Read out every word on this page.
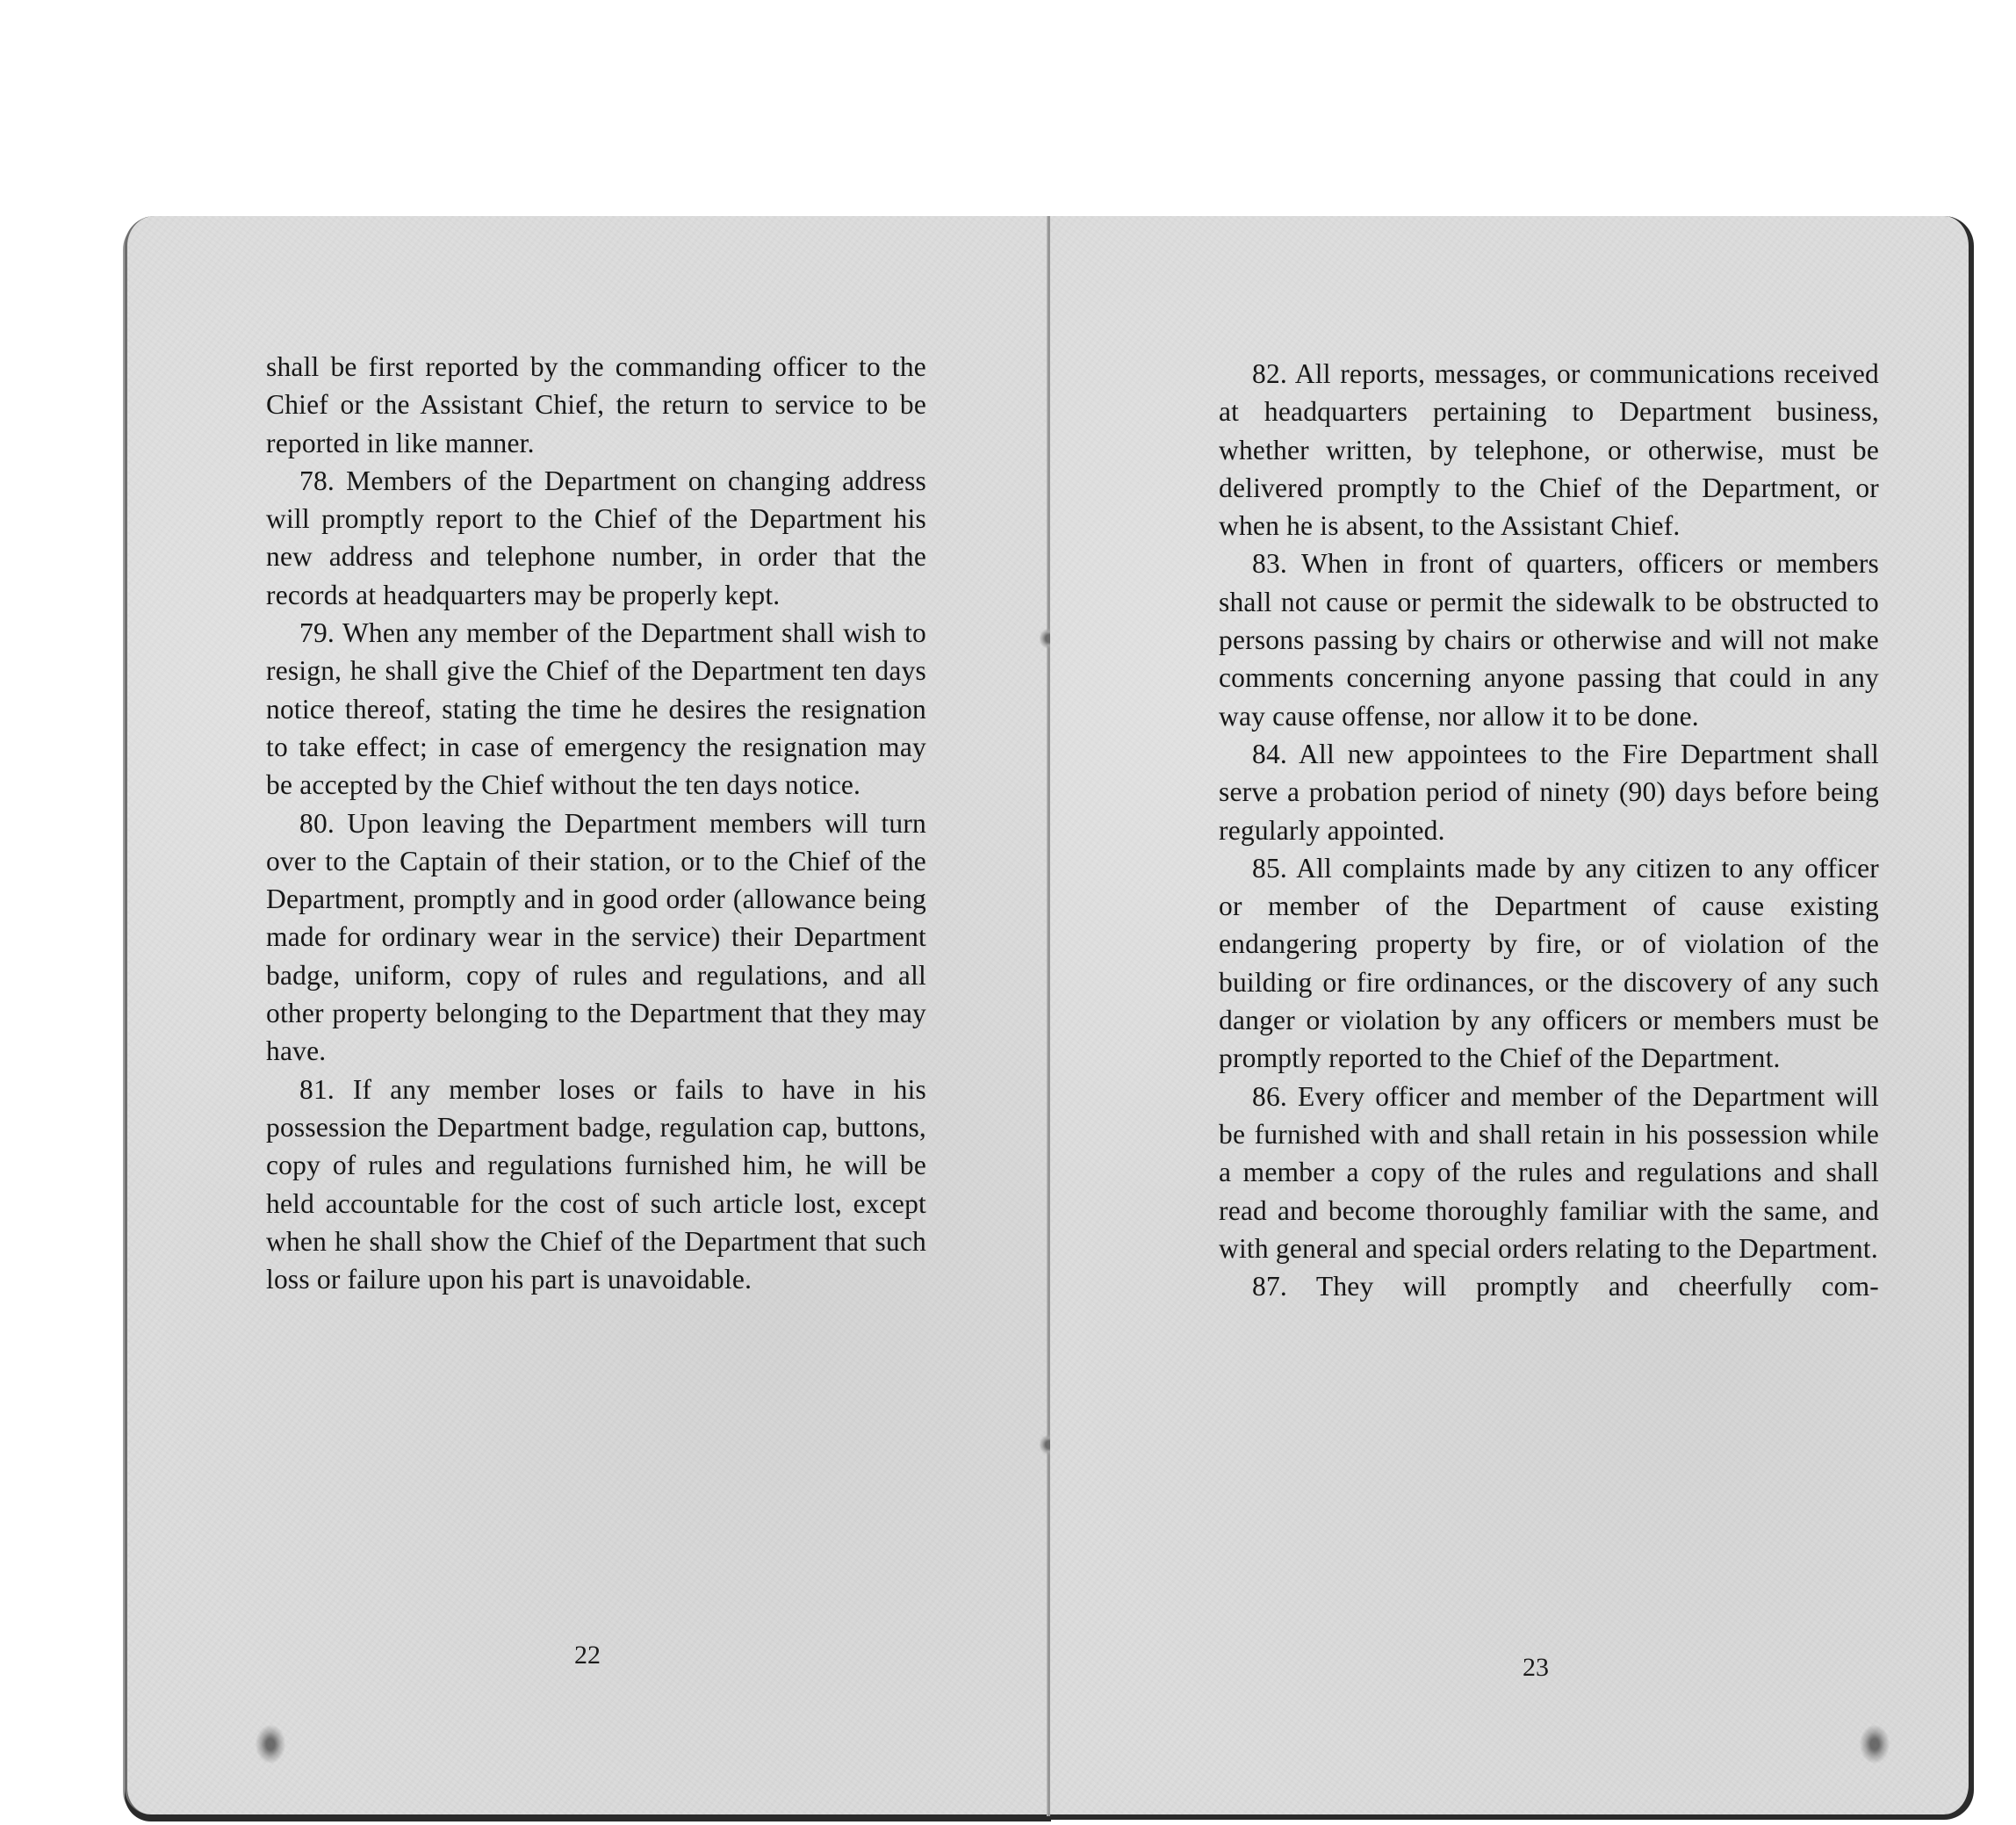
shall be first reported by the commanding officer to the Chief or the Assistant Chief, the return to service to be reported in like manner.

78. Members of the Department on changing address will promptly report to the Chief of the Department his new address and telephone number, in order that the records at headquarters may be properly kept.

79. When any member of the Department shall wish to resign, he shall give the Chief of the Department ten days notice thereof, stating the time he desires the resignation to take effect; in case of emergency the resignation may be accepted by the Chief without the ten days notice.

80. Upon leaving the Department members will turn over to the Captain of their station, or to the Chief of the Department, promptly and in good order (allowance being made for ordinary wear in the service) their Department badge, uniform, copy of rules and regulations, and all other property belonging to the Department that they may have.

81. If any member loses or fails to have in his possession the Department badge, regulation cap, buttons, copy of rules and regulations furnished him, he will be held accountable for the cost of such article lost, except when he shall show the Chief of the Department that such loss or failure upon his part is unavoidable.

22

82. All reports, messages, or communications received at headquarters pertaining to Department business, whether written, by telephone, or otherwise, must be delivered promptly to the Chief of the Department, or when he is absent, to the Assistant Chief.

83. When in front of quarters, officers or members shall not cause or permit the sidewalk to be obstructed to persons passing by chairs or otherwise and will not make comments concerning anyone passing that could in any way cause offense, nor allow it to be done.

84. All new appointees to the Fire Department shall serve a probation period of ninety (90) days before being regularly appointed.

85. All complaints made by any citizen to any officer or member of the Department of cause existing endangering property by fire, or of violation of the building or fire ordinances, or the discovery of any such danger or violation by any officers or members must be promptly reported to the Chief of the Department.

86. Every officer and member of the Department will be furnished with and shall retain in his possession while a member a copy of the rules and regulations and shall read and become thoroughly familiar with the same, and with general and special orders relating to the Department.

87. They will promptly and cheerfully com-

23
